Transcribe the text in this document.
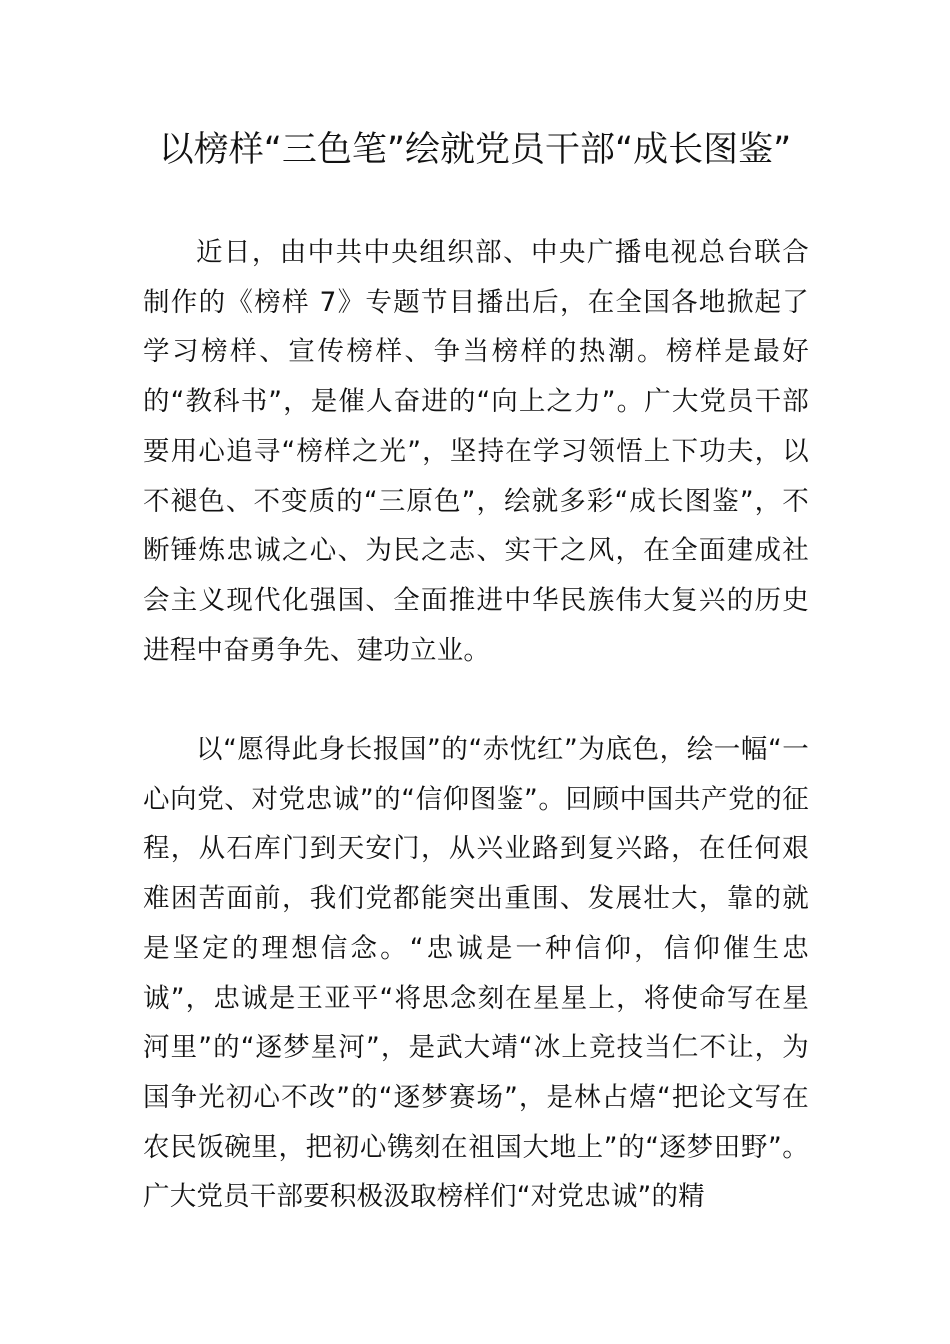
以榜样“三色笔”绘就党员干部“成长图鉴”

近日，由中共中央组织部、中央广播电视总台联合制作的《榜样 7》专题节目播出后，在全国各地掀起了学习榜样、宣传榜样、争当榜样的热潮。榜样是最好的“教科书”，是催人奋进的“向上之力”。广大党员干部要用心追寻“榜样之光”，坚持在学习领悟上下功夫，以不褪色、不变质的“三原色”，绘就多彩“成长图鉴”，不断锤炼忠诚之心、为民之志、实干之风，在全面建成社会主义现代化强国、全面推进中华民族伟大复兴的历史进程中奋勇争先、建功立业。

以“愿得此身长报国”的“赤忱红”为底色，绘一幅“一心向党、对党忠诚”的“信仰图鉴”。回顾中国共产党的征程，从石库门到天安门，从兴业路到复兴路，在任何艰难困苦面前，我们党都能突出重围、发展壮大，靠的就是坚定的理想信念。“忠诚是一种信仰，信仰催生忠诚”，忠诚是王亚平“将思念刻在星星上，将使命写在星河里”的“逐梦星河”，是武大靖“冰上竞技当仁不让，为国争光初心不改”的“逐梦赛场”，是林占熺“把论文写在农民饭碗里，把初心镌刻在祖国大地上”的“逐梦田野”。广大党员干部要积极汲取榜样们“对党忠诚”的精
